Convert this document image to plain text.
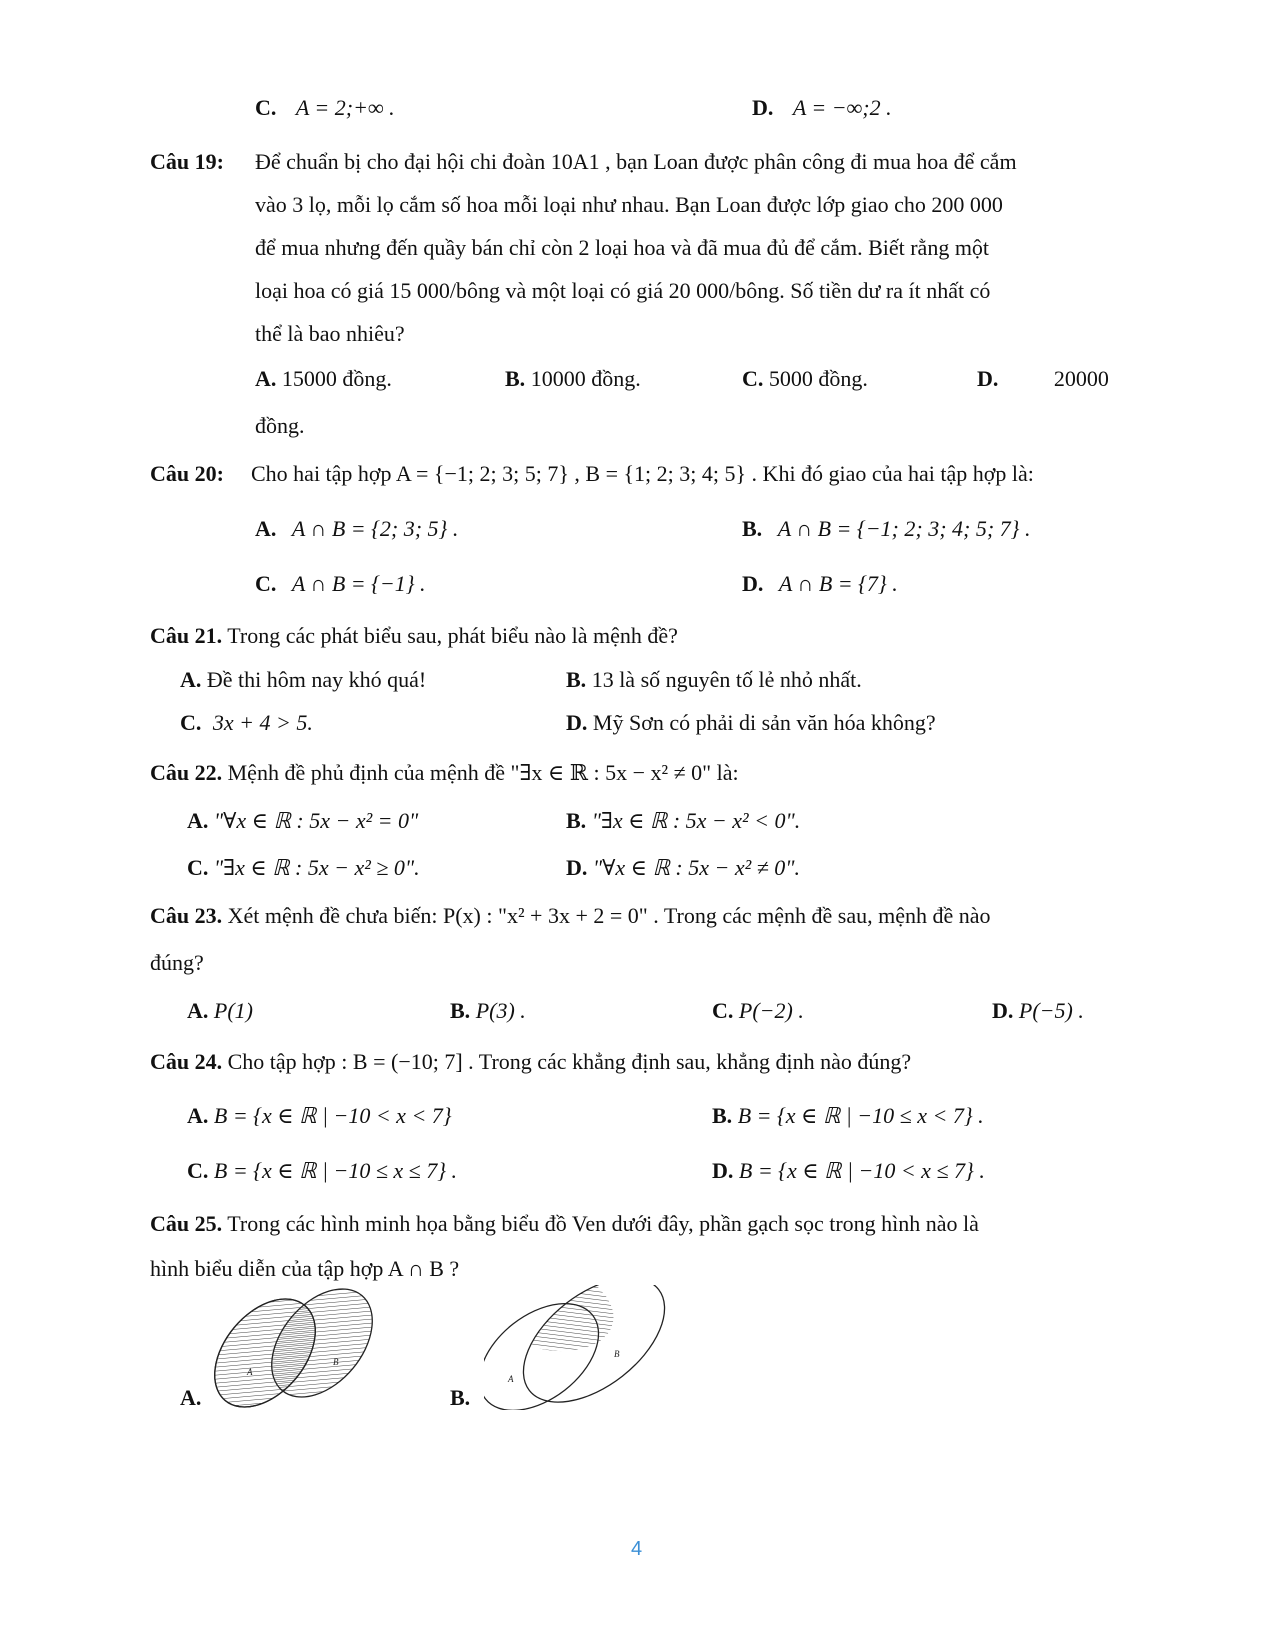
C. A = 2;+∞ .	D. A = −∞;2 .
Câu 19: Để chuẩn bị cho đại hội chi đoàn 10A1 , bạn Loan được phân công đi mua hoa để cắm
vào 3 lọ, mỗi lọ cắm số hoa mỗi loại như nhau. Bạn Loan được lớp giao cho 200 000
để mua nhưng đến quầy bán chỉ còn 2 loại hoa và đã mua đủ để cắm. Biết rằng một
loại hoa có giá 15 000/bông và một loại có giá 20 000/bông. Số tiền dư ra ít nhất có
thể là bao nhiêu?
A. 15000 đồng.	B. 10000 đồng.	C. 5000 đồng.	D.	20000
đồng.
Câu 20: Cho hai tập hợp A = {−1; 2; 3; 5; 7} , B = {1; 2; 3; 4; 5} . Khi đó giao của hai tập hợp là:
A. A ∩ B = {2; 3; 5} .	B. A ∩ B = {−1; 2; 3; 4; 5; 7} .
C. A ∩ B = {−1} .	D. A ∩ B = {7} .
Câu 21. Trong các phát biểu sau, phát biểu nào là mệnh đề?
A. Đề thi hôm nay khó quá!	B. 13 là số nguyên tố lẻ nhỏ nhất.
C. 3x + 4 > 5.	D. Mỹ Sơn có phải di sản văn hóa không?
Câu 22. Mệnh đề phủ định của mệnh đề "∃x ∈ ℝ : 5x − x² ≠ 0" là:
A. "∀x ∈ ℝ : 5x − x² = 0"	B. "∃x ∈ ℝ : 5x − x² < 0".
C. "∃x ∈ ℝ : 5x − x² ≥ 0".	D. "∀x ∈ ℝ : 5x − x² ≠ 0".
Câu 23. Xét mệnh đề chưa biến: P(x) : "x² + 3x + 2 = 0" . Trong các mệnh đề sau, mệnh đề nào
đúng?
A. P(1)	B. P(3) .	C. P(−2) .	D. P(−5) .
Câu 24. Cho tập hợp : B = (−10; 7] . Trong các khẳng định sau, khẳng định nào đúng?
A. B = {x ∈ ℝ | −10 < x < 7}	B. B = {x ∈ ℝ | −10 ≤ x < 7} .
C. B = {x ∈ ℝ | −10 ≤ x ≤ 7} .	D. B = {x ∈ ℝ | −10 < x ≤ 7} .
Câu 25. Trong các hình minh họa bằng biểu đồ Ven dưới đây, phần gạch sọc trong hình nào là
hình biểu diễn của tập hợp A ∩ B ?
A.	B.
A
B
A
B
4
